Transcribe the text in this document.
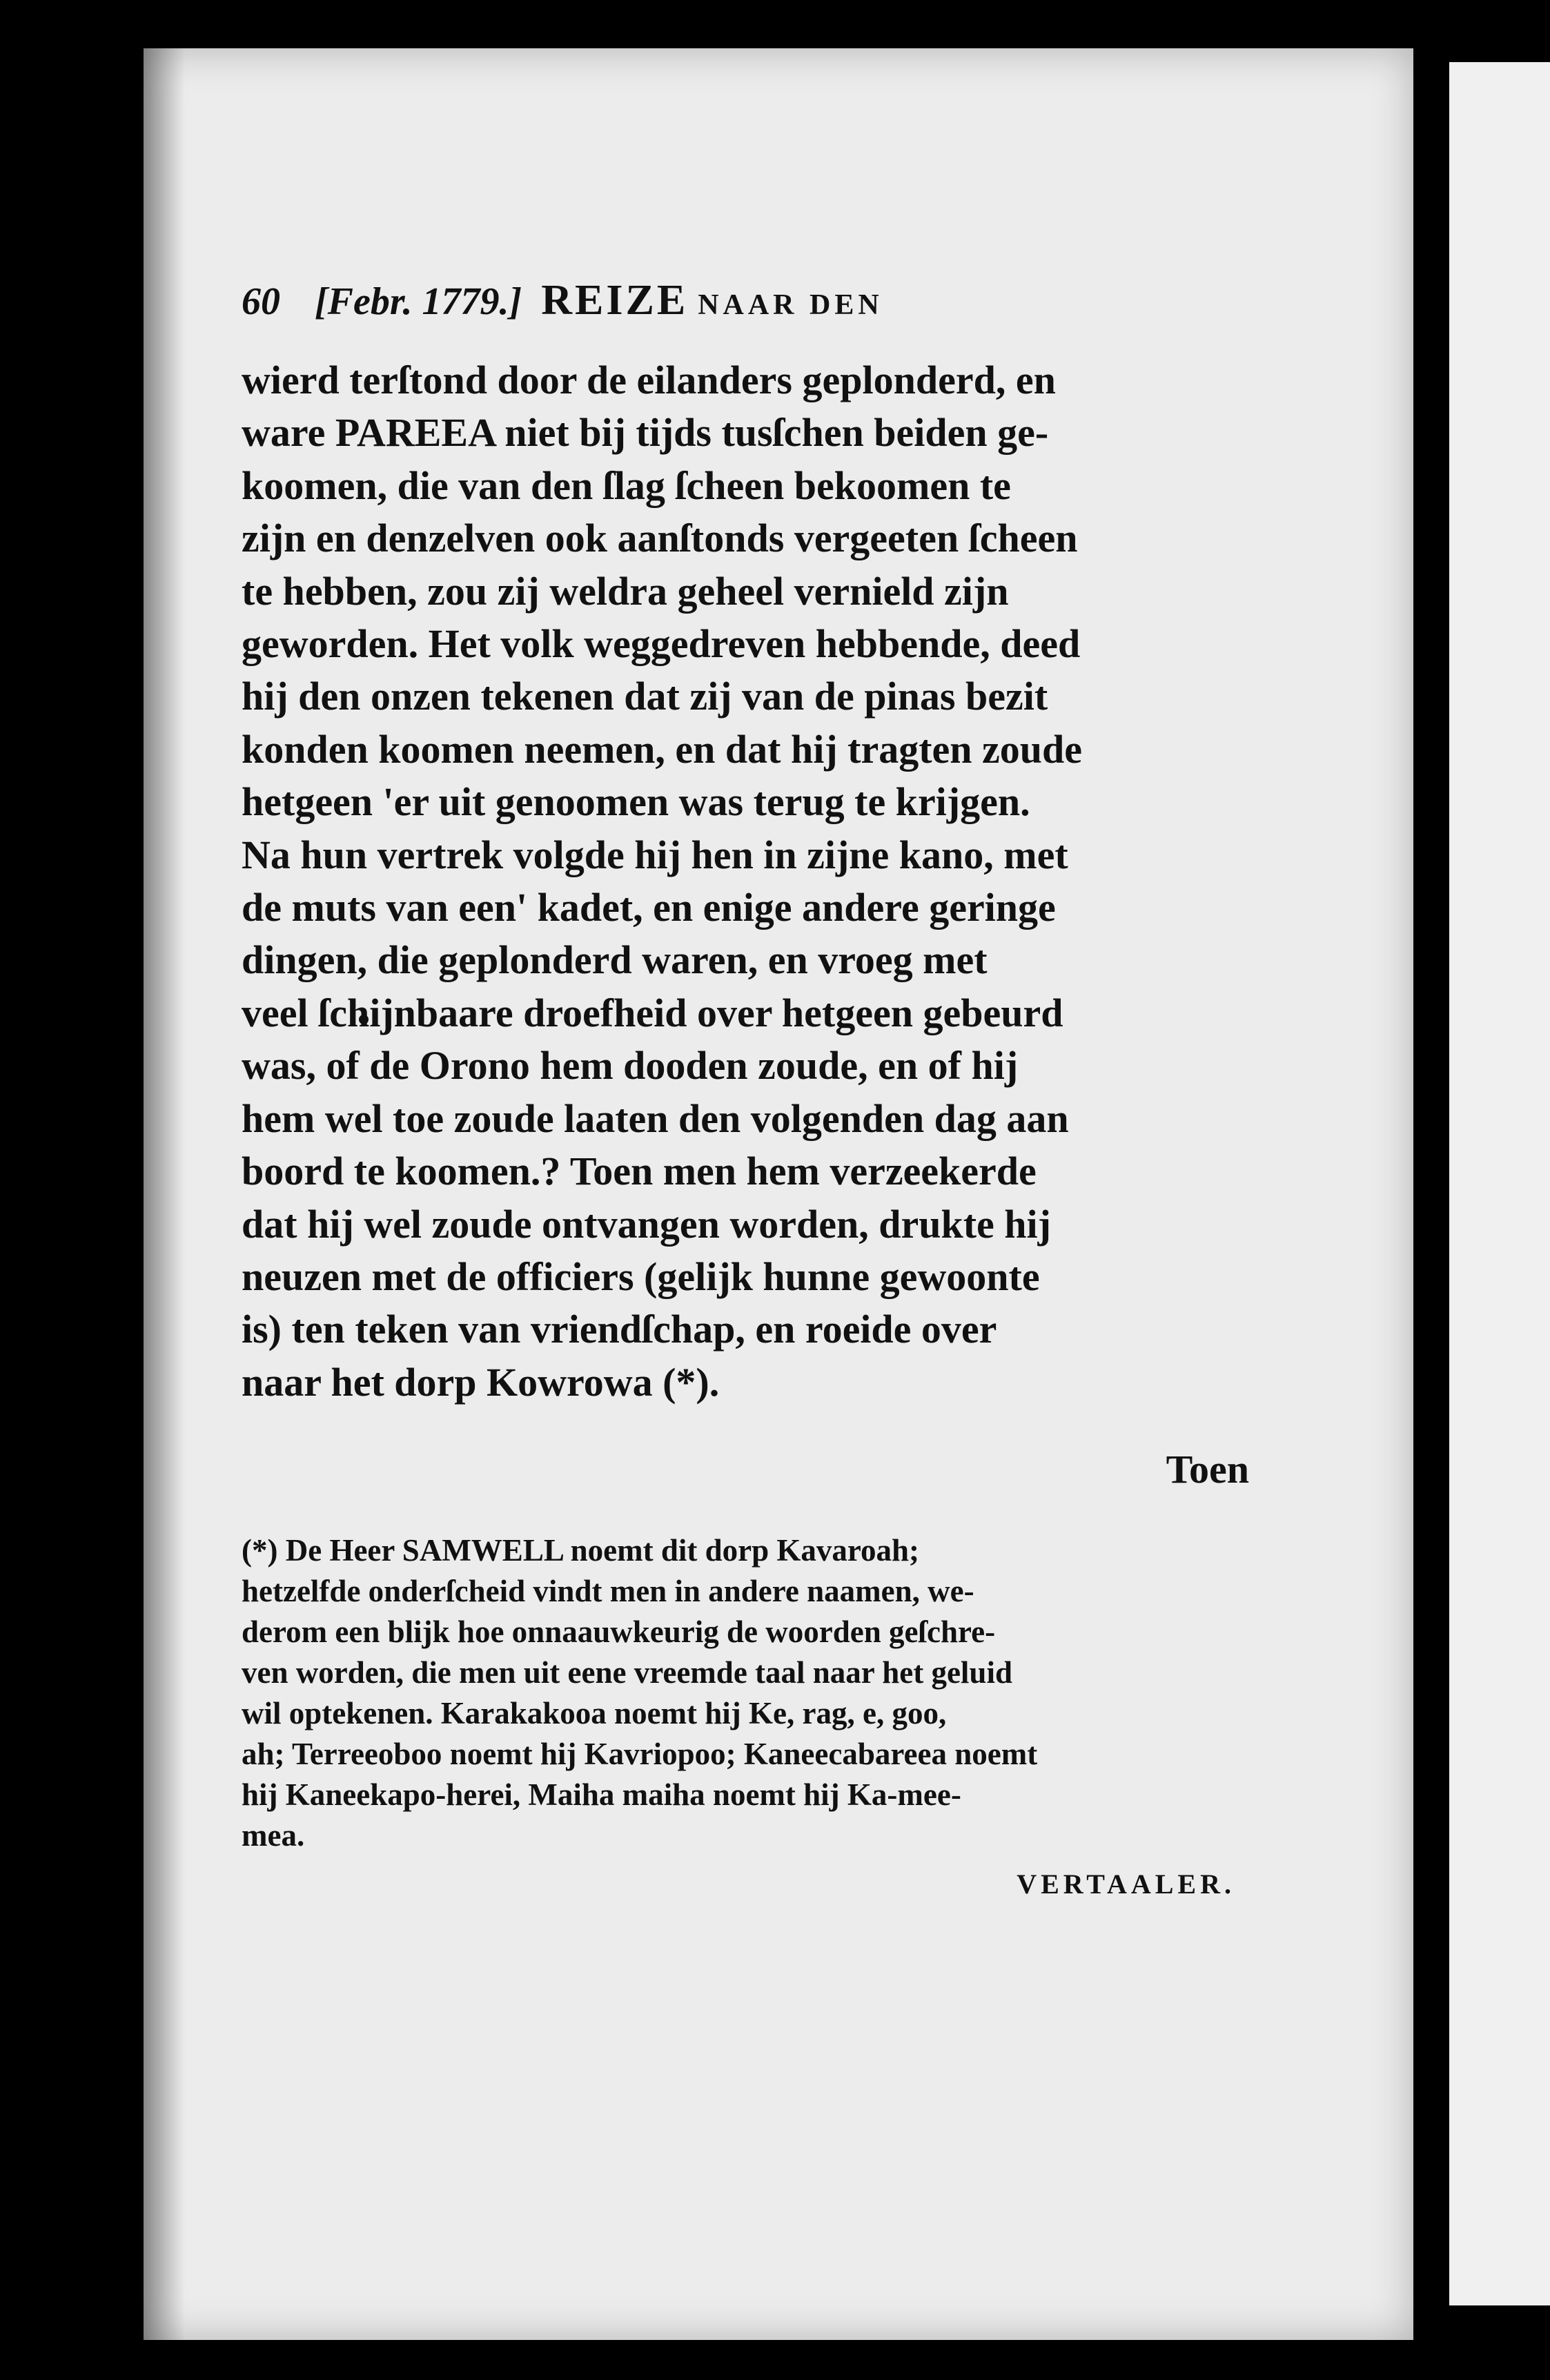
60 [Febr. 1779.] REIZE NAAR DEN
wierd terſtond door de eilanders geplonderd, en
ware PAREEA niet bij tijds tusſchen beiden ge-
koomen, die van den ſlag ſcheen bekoomen te
zijn en denzelven ook aanſtonds vergeeten ſcheen
te hebben, zou zij weldra geheel vernield zijn
geworden. Het volk weggedreven hebbende, deed
hij den onzen tekenen dat zij van de pinas bezit
konden koomen neemen, en dat hij tragten zoude
hetgeen 'er uit genoomen was terug te krijgen.
Na hun vertrek volgde hij hen in zijne kano, met
de muts van een' kadet, en enige andere geringe
dingen, die geplonderd waren, en vroeg met
veel ſchijnbaare droefheid over hetgeen gebeurd
was, of de Orono hem dooden zoude, en of hij
hem wel toe zoude laaten den volgenden dag aan
boord te koomen.? Toen men hem verzeekerde
dat hij wel zoude ontvangen worden, drukte hij
neuzen met de officiers (gelijk hunne gewoonte
is) ten teken van vriendſchap, en roeide over
naar het dorp Kowrowa (*).
Toen
(*) De Heer SAMWELL noemt dit dorp Kavaroah;
hetzelfde onderſcheid vindt men in andere naamen, we-
derom een blijk hoe onnaauwkeurig de woorden geſchre-
ven worden, die men uit eene vreemde taal naar het geluid
wil optekenen. Karakakooa noemt hij Ke, rag, e, goo,
ah; Terreeoboo noemt hij Kavriopoo; Kaneecabareea noemt
hij Kaneekapo-herei, Maiha maiha noemt hij Ka-mee-
mea.
VERTAALER.
